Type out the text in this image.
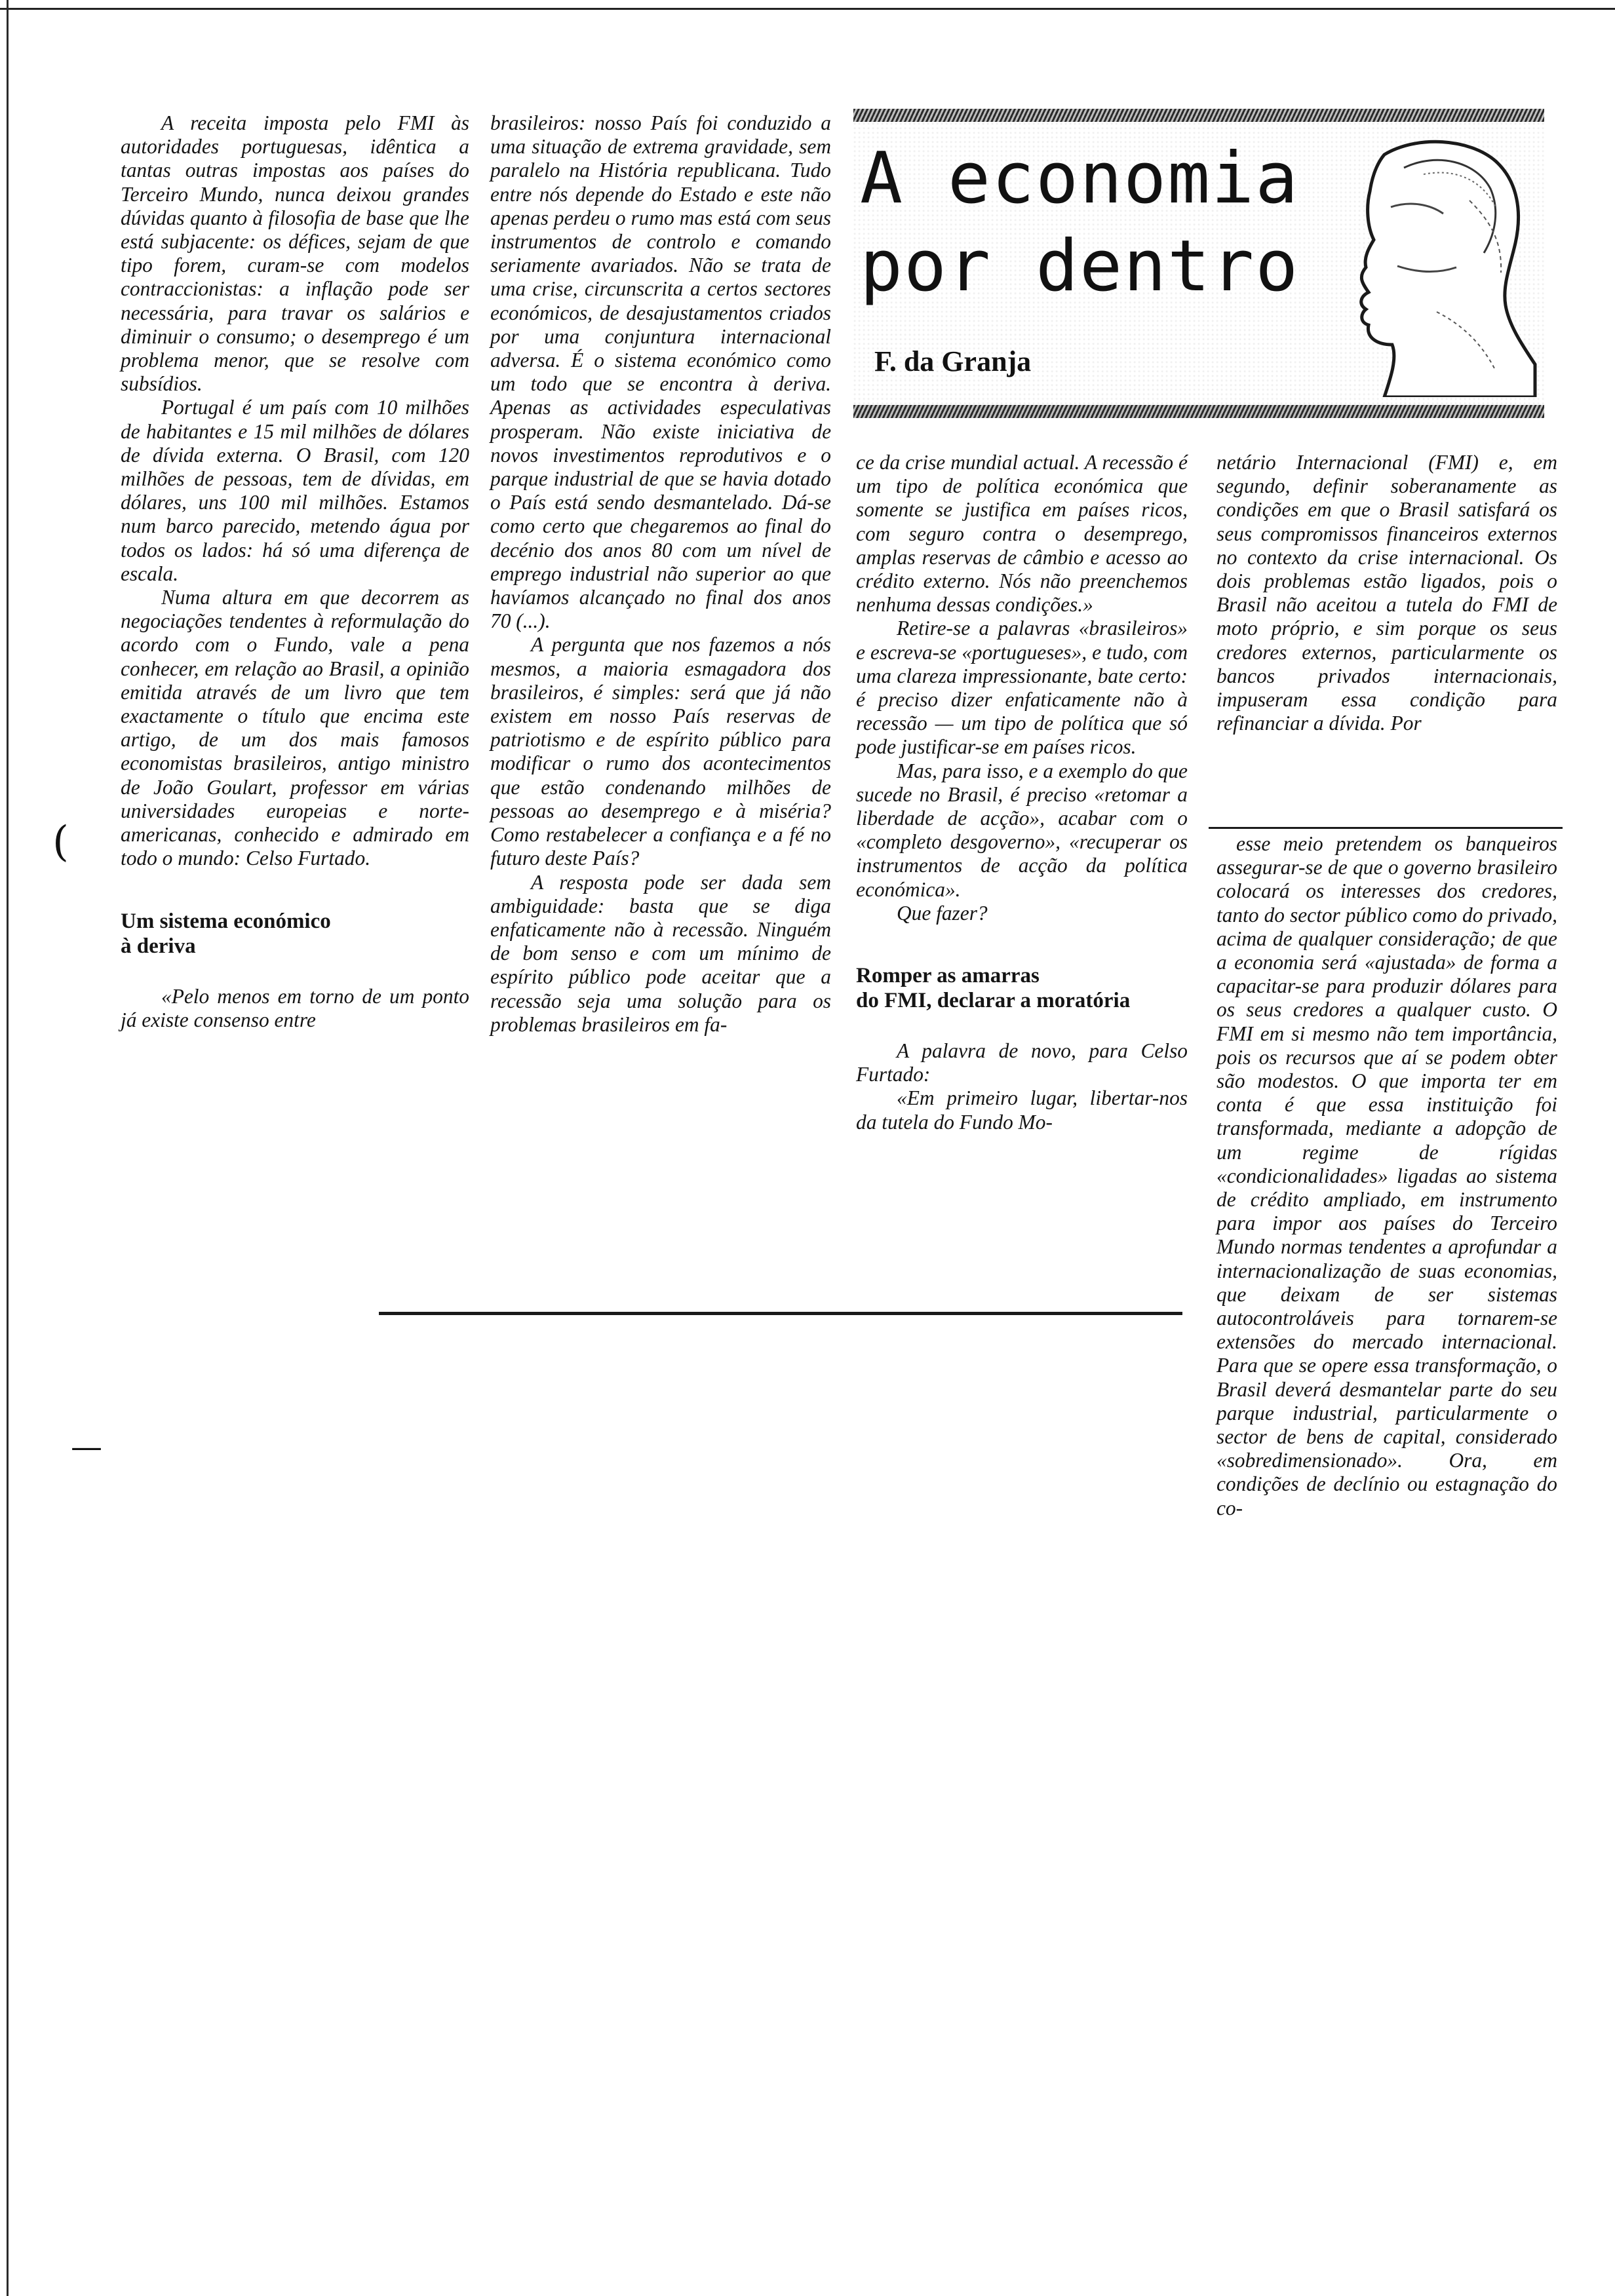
A receita imposta pelo FMI às autoridades portuguesas, idêntica a tantas outras impostas aos países do Terceiro Mundo, nunca deixou grandes dúvidas quanto à filosofia de base que lhe está subjacente: os défices, sejam de que tipo forem, curam-se com modelos contraccionistas: a inflação pode ser necessária, para travar os salários e diminuir o consumo; o desemprego é um problema menor, que se resolve com subsídios.

Portugal é um país com 10 milhões de habitantes e 15 mil milhões de dólares de dívida externa. O Brasil, com 120 milhões de pessoas, tem de dívidas, em dólares, uns 100 mil milhões. Estamos num barco parecido, metendo água por todos os lados: há só uma diferença de escala.

Numa altura em que decorrem as negociações tendentes à reformulação do acordo com o Fundo, vale a pena conhecer, em relação ao Brasil, a opinião emitida através de um livro que tem exactamente o título que encima este artigo, de um dos mais famosos economistas brasileiros, antigo ministro de João Goulart, professor em várias universidades europeias e norte-americanas, conhecido e admirado em todo o mundo: Celso Furtado.

Um sistema económico
à deriva

«Pelo menos em torno de um ponto já existe consenso entre

brasileiros: nosso País foi conduzido a uma situação de extrema gravidade, sem paralelo na História republicana. Tudo entre nós depende do Estado e este não apenas perdeu o rumo mas está com seus instrumentos de controlo e comando seriamente avariados. Não se trata de uma crise, circunscrita a certos sectores económicos, de desajustamentos criados por uma conjuntura internacional adversa. É o sistema económico como um todo que se encontra à deriva. Apenas as actividades especulativas prosperam. Não existe iniciativa de novos investimentos reprodutivos e o parque industrial de que se havia dotado o País está sendo desmantelado. Dá-se como certo que chegaremos ao final do decénio dos anos 80 com um nível de emprego industrial não superior ao que havíamos alcançado no final dos anos 70 (...).

A pergunta que nos fazemos a nós mesmos, a maioria esmagadora dos brasileiros, é simples: será que já não existem em nosso País reservas de patriotismo e de espírito público para modificar o rumo dos acontecimentos que estão condenando milhões de pessoas ao desemprego e à miséria? Como restabelecer a confiança e a fé no futuro deste País?

A resposta pode ser dada sem ambiguidade: basta que se diga enfaticamente não à recessão. Ninguém de bom senso e com um mínimo de espírito público pode aceitar que a recessão seja uma solução para os problemas brasileiros em fa-

A economia
por dentro
F. da Granja

ce da crise mundial actual. A recessão é um tipo de política económica que somente se justifica em países ricos, com seguro contra o desemprego, amplas reservas de câmbio e acesso ao crédito externo. Nós não preenchemos nenhuma dessas condições.»

Retire-se a palavras «brasileiros» e escreva-se «portugueses», e tudo, com uma clareza impressionante, bate certo: é preciso dizer enfaticamente não à recessão — um tipo de política que só pode justificar-se em países ricos.

Mas, para isso, e a exemplo do que sucede no Brasil, é preciso «retomar a liberdade de acção», acabar com o «completo desgoverno», «recuperar os instrumentos de acção da política económica».

Que fazer?

Romper as amarras
do FMI, declarar a moratória

A palavra de novo, para Celso Furtado:

«Em primeiro lugar, libertar-nos da tutela do Fundo Mo-

netário Internacional (FMI) e, em segundo, definir soberanamente as condições em que o Brasil satisfará os seus compromissos financeiros externos no contexto da crise internacional. Os dois problemas estão ligados, pois o Brasil não aceitou a tutela do FMI de moto próprio, e sim porque os seus credores externos, particularmente os bancos privados internacionais, impuseram essa condição para refinanciar a dívida. Por

esse meio pretendem os banqueiros assegurar-se de que o governo brasileiro colocará os interesses dos credores, tanto do sector público como do privado, acima de qualquer consideração; de que a economia será «ajustada» de forma a capacitar-se para produzir dólares para os seus credores a qualquer custo. O FMI em si mesmo não tem importância, pois os recursos que aí se podem obter são modestos. O que importa ter em conta é que essa instituição foi transformada, mediante a adopção de um regime de rígidas «condicionalidades» ligadas ao sistema de crédito ampliado, em instrumento para impor aos países do Terceiro Mundo normas tendentes a aprofundar a internacionalização de suas economias, que deixam de ser sistemas autocontroláveis para tornarem-se extensões do mercado internacional. Para que se opere essa transformação, o Brasil deverá desmantelar parte do seu parque industrial, particularmente o sector de bens de capital, considerado «sobredimensionado». Ora, em condições de declínio ou estagnação do co-

(
—
